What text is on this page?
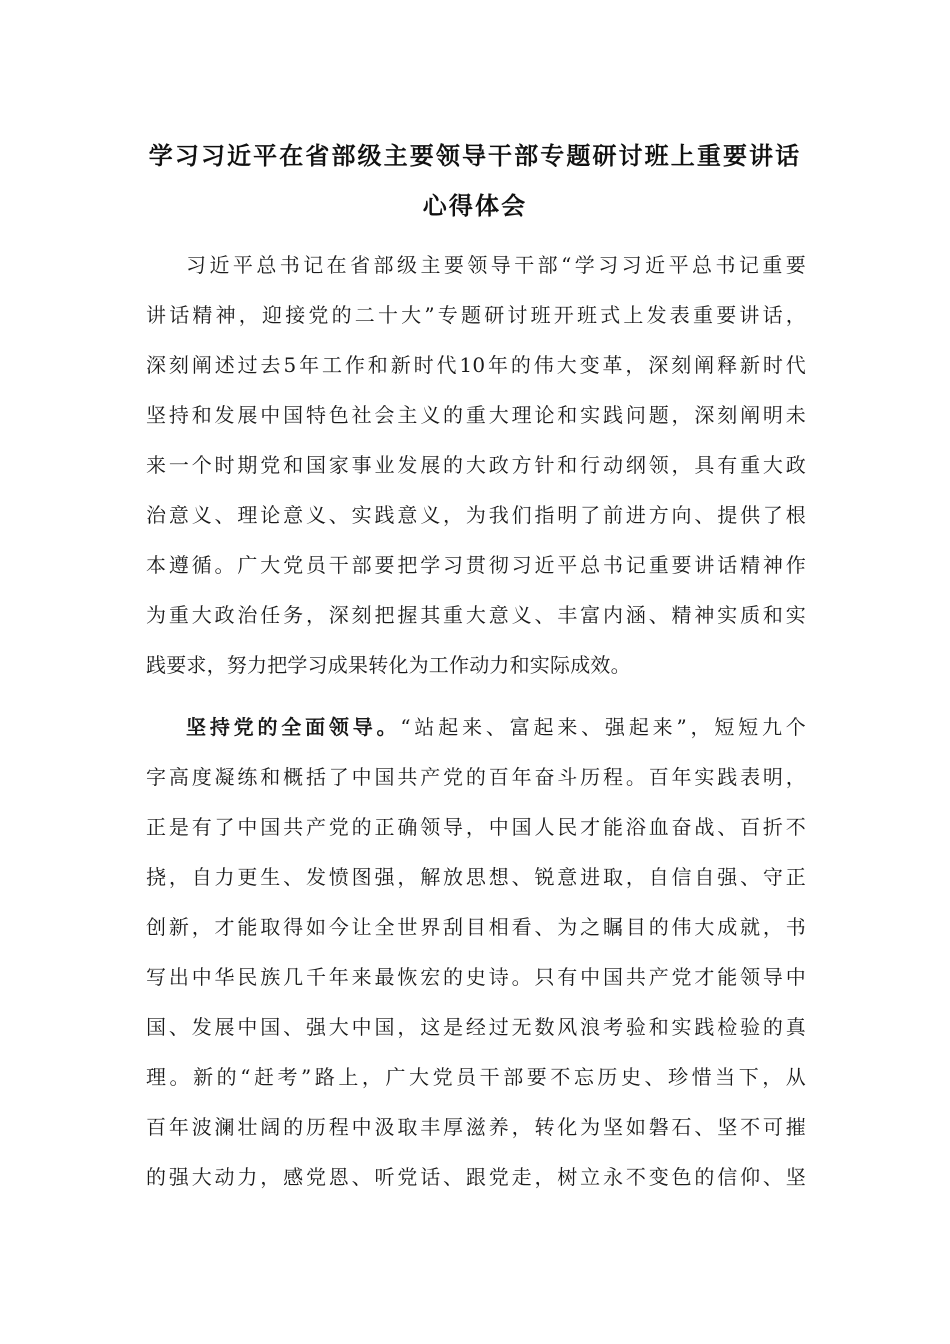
学习习近平在省部级主要领导干部专题研讨班上重要讲话
心得体会
习近平总书记在省部级主要领导干部“学习习近平总书记重要
讲话精神，迎接党的二十大”专题研讨班开班式上发表重要讲话，
深刻阐述过去5年工作和新时代10年的伟大变革，深刻阐释新时代
坚持和发展中国特色社会主义的重大理论和实践问题，深刻阐明未
来一个时期党和国家事业发展的大政方针和行动纲领，具有重大政
治意义、理论意义、实践意义，为我们指明了前进方向、提供了根
本遵循。广大党员干部要把学习贯彻习近平总书记重要讲话精神作
为重大政治任务，深刻把握其重大意义、丰富内涵、精神实质和实
践要求，努力把学习成果转化为工作动力和实际成效。
坚持党的全面领导。“站起来、富起来、强起来”，短短九个
字高度凝练和概括了中国共产党的百年奋斗历程。百年实践表明，
正是有了中国共产党的正确领导，中国人民才能浴血奋战、百折不
挠，自力更生、发愤图强，解放思想、锐意进取，自信自强、守正
创新，才能取得如今让全世界刮目相看、为之瞩目的伟大成就，书
写出中华民族几千年来最恢宏的史诗。只有中国共产党才能领导中
国、发展中国、强大中国，这是经过无数风浪考验和实践检验的真
理。新的“赶考”路上，广大党员干部要不忘历史、珍惜当下，从
百年波澜壮阔的历程中汲取丰厚滋养，转化为坚如磐石、坚不可摧
的强大动力，感党恩、听党话、跟党走，树立永不变色的信仰、坚
